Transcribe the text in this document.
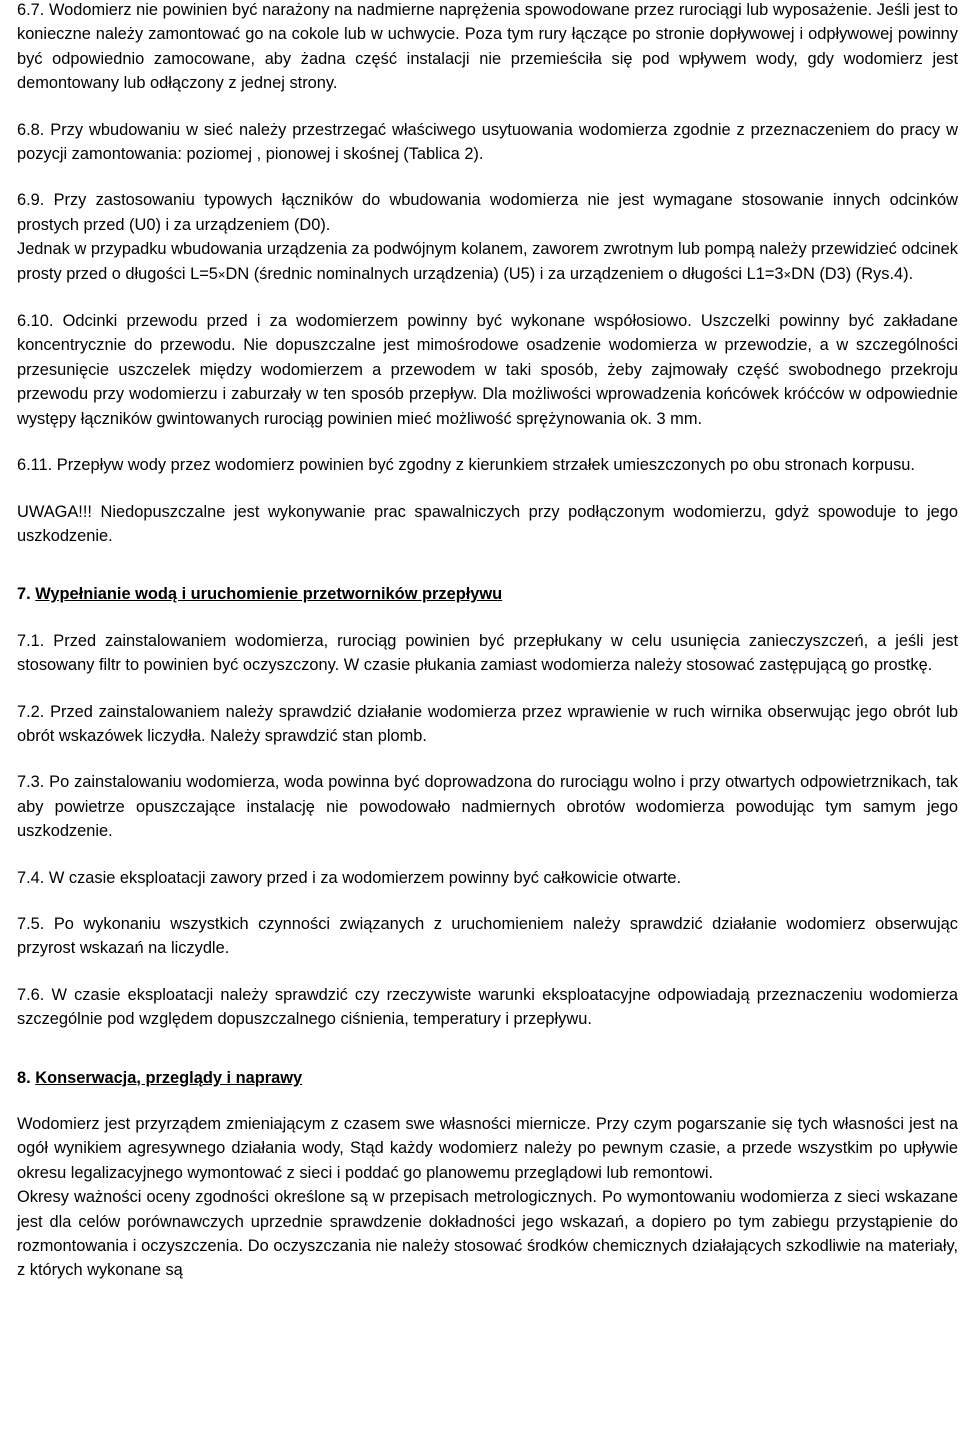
6.7. Wodomierz nie powinien być narażony na nadmierne naprężenia spowodowane przez rurociągi lub wyposażenie. Jeśli jest to konieczne należy zamontować go na cokole lub w uchwycie. Poza tym rury łączące po stronie dopływowej i odpływowej powinny być odpowiednio zamocowane, aby żadna część instalacji nie przemieściła się pod wpływem wody, gdy wodomierz jest demontowany lub odłączony z jednej strony.

6.8. Przy wbudowaniu w sieć należy przestrzegać właściwego usytuowania wodomierza zgodnie z przeznaczeniem do pracy w pozycji zamontowania: poziomej , pionowej i skośnej (Tablica 2).

6.9. Przy zastosowaniu typowych łączników do wbudowania wodomierza nie jest wymagane stosowanie innych odcinków prostych przed (U0) i za urządzeniem (D0).

Jednak w przypadku wbudowania urządzenia za podwójnym kolanem, zaworem zwrotnym lub pompą należy przewidzieć odcinek prosty przed o długości L=5×DN (średnic nominalnych urządzenia) (U5) i za urządzeniem o długości L1=3×DN (D3) (Rys.4).

6.10. Odcinki przewodu przed i za wodomierzem powinny być wykonane współosiowo. Uszczelki powinny być zakładane koncentrycznie do przewodu. Nie dopuszczalne jest mimośrodowe osadzenie wodomierza w przewodzie, a w szczególności przesunięcie uszczelek między wodomierzem a przewodem w taki sposób, żeby zajmowały część swobodnego przekroju przewodu przy wodomierzu i zaburzały w ten sposób przepływ. Dla możliwości wprowadzenia końcówek króćców w odpowiednie występy łączników gwintowanych rurociąg powinien mieć możliwość sprężynowania ok. 3 mm.

6.11. Przepływ wody przez wodomierz powinien być zgodny z kierunkiem strzałek umieszczonych po obu stronach korpusu.

UWAGA!!! Niedopuszczalne jest wykonywanie prac spawalniczych przy podłączonym wodomierzu, gdyż spowoduje to jego uszkodzenie.

7. Wypełnianie wodą i uruchomienie przetworników przepływu

7.1. Przed zainstalowaniem wodomierza, rurociąg powinien być przepłukany w celu usunięcia zanieczyszczeń, a jeśli jest stosowany filtr to powinien być oczyszczony. W czasie płukania zamiast wodomierza należy stosować zastępującą go prostkę.

7.2. Przed zainstalowaniem należy sprawdzić działanie wodomierza przez wprawienie w ruch wirnika obserwując jego obrót lub obrót wskazówek liczydła. Należy sprawdzić stan plomb.

7.3. Po zainstalowaniu wodomierza, woda powinna być doprowadzona do rurociągu wolno i przy otwartych odpowietrznikach, tak aby powietrze opuszczające instalację nie powodowało nadmiernych obrotów wodomierza powodując tym samym jego uszkodzenie.

7.4. W czasie eksploatacji zawory przed i za wodomierzem powinny być całkowicie otwarte.

7.5. Po wykonaniu wszystkich czynności związanych z uruchomieniem należy sprawdzić działanie wodomierz obserwując przyrost wskazań na liczydle.

7.6. W czasie eksploatacji należy sprawdzić czy rzeczywiste warunki eksploatacyjne odpowiadają przeznaczeniu wodomierza szczególnie pod względem dopuszczalnego ciśnienia, temperatury i przepływu.

8. Konserwacja, przeglądy i naprawy

Wodomierz jest przyrządem zmieniającym z czasem swe własności miernicze. Przy czym pogarszanie się tych własności jest na ogół wynikiem agresywnego działania wody, Stąd każdy wodomierz należy po pewnym czasie, a przede wszystkim po upływie okresu legalizacyjnego wymontować z sieci i poddać go planowemu przeglądowi lub remontowi.

Okresy ważności oceny zgodności określone są w przepisach metrologicznych. Po wymontowaniu wodomierza z sieci wskazane jest dla celów porównawczych uprzednie sprawdzenie dokładności jego wskazań, a dopiero po tym zabiegu przystąpienie do rozmontowania i oczyszczenia. Do oczyszczania nie należy stosować środków chemicznych działających szkodliwie na materiały, z których wykonane są
